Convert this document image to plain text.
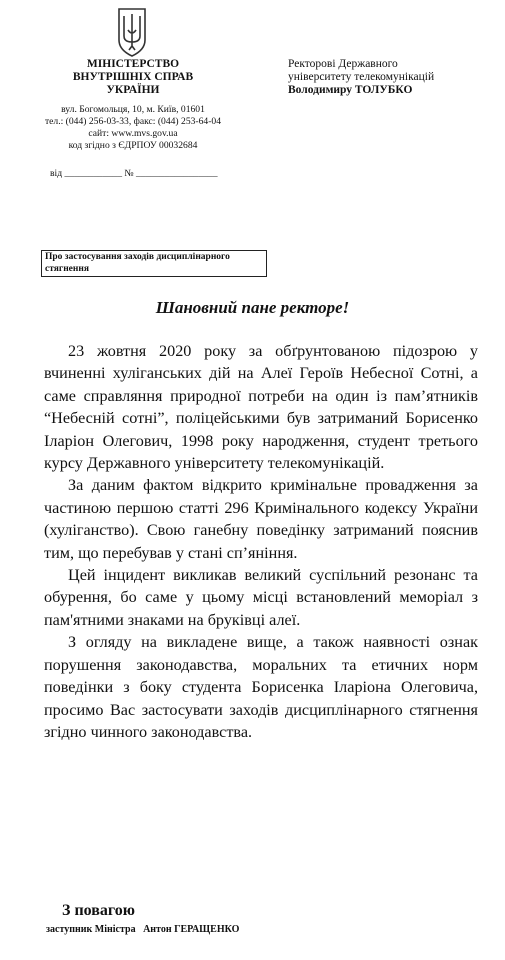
МІНІСТЕРСТВО
ВНУТРІШНІХ СПРАВ
УКРАЇНИ
вул. Богомольця, 10, м. Київ, 01601
тел.: (044) 256-03-33, факс: (044) 253-64-04
сайт: www.mvs.gov.ua
код згідно з ЄДРПОУ 00032684
від ____________ № _________________
Ректорові Державного
університету телекомунікацій
Володимиру ТОЛУБКО
Про застосування заходів дисциплінарного стягнення
Шановний пане ректоре!

23 жовтня 2020 року за обґрунтованою підозрою у вчиненні хуліганських дій на Алеї Героїв Небесної Сотні, а саме справляння природної потреби на один із пам’ятників “Небесній сотні”, поліцейськими був затриманий Борисенко Іларіон Олегович, 1998 року народження, студент третього курсу Державного університету телекомунікацій.

За даним фактом відкрито кримінальне провадження за частиною першою статті 296 Кримінального кодексу України (хуліганство). Свою ганебну поведінку затриманий пояснив тим, що перебував у стані сп’яніння.

Цей інцидент викликав великий суспільний резонанс та обурення, бо саме у цьому місці встановлений меморіал з пам'ятними знаками на бруківці алеї.

З огляду на викладене вище, а також наявності ознак порушення законодавства, моральних та етичних норм поведінки з боку студента Борисенка Іларіона Олеговича, просимо Вас застосувати заходів дисциплінарного стягнення згідно чинного законодавства.

З повагою
заступник Міністра   Антон ГЕРАЩЕНКО
